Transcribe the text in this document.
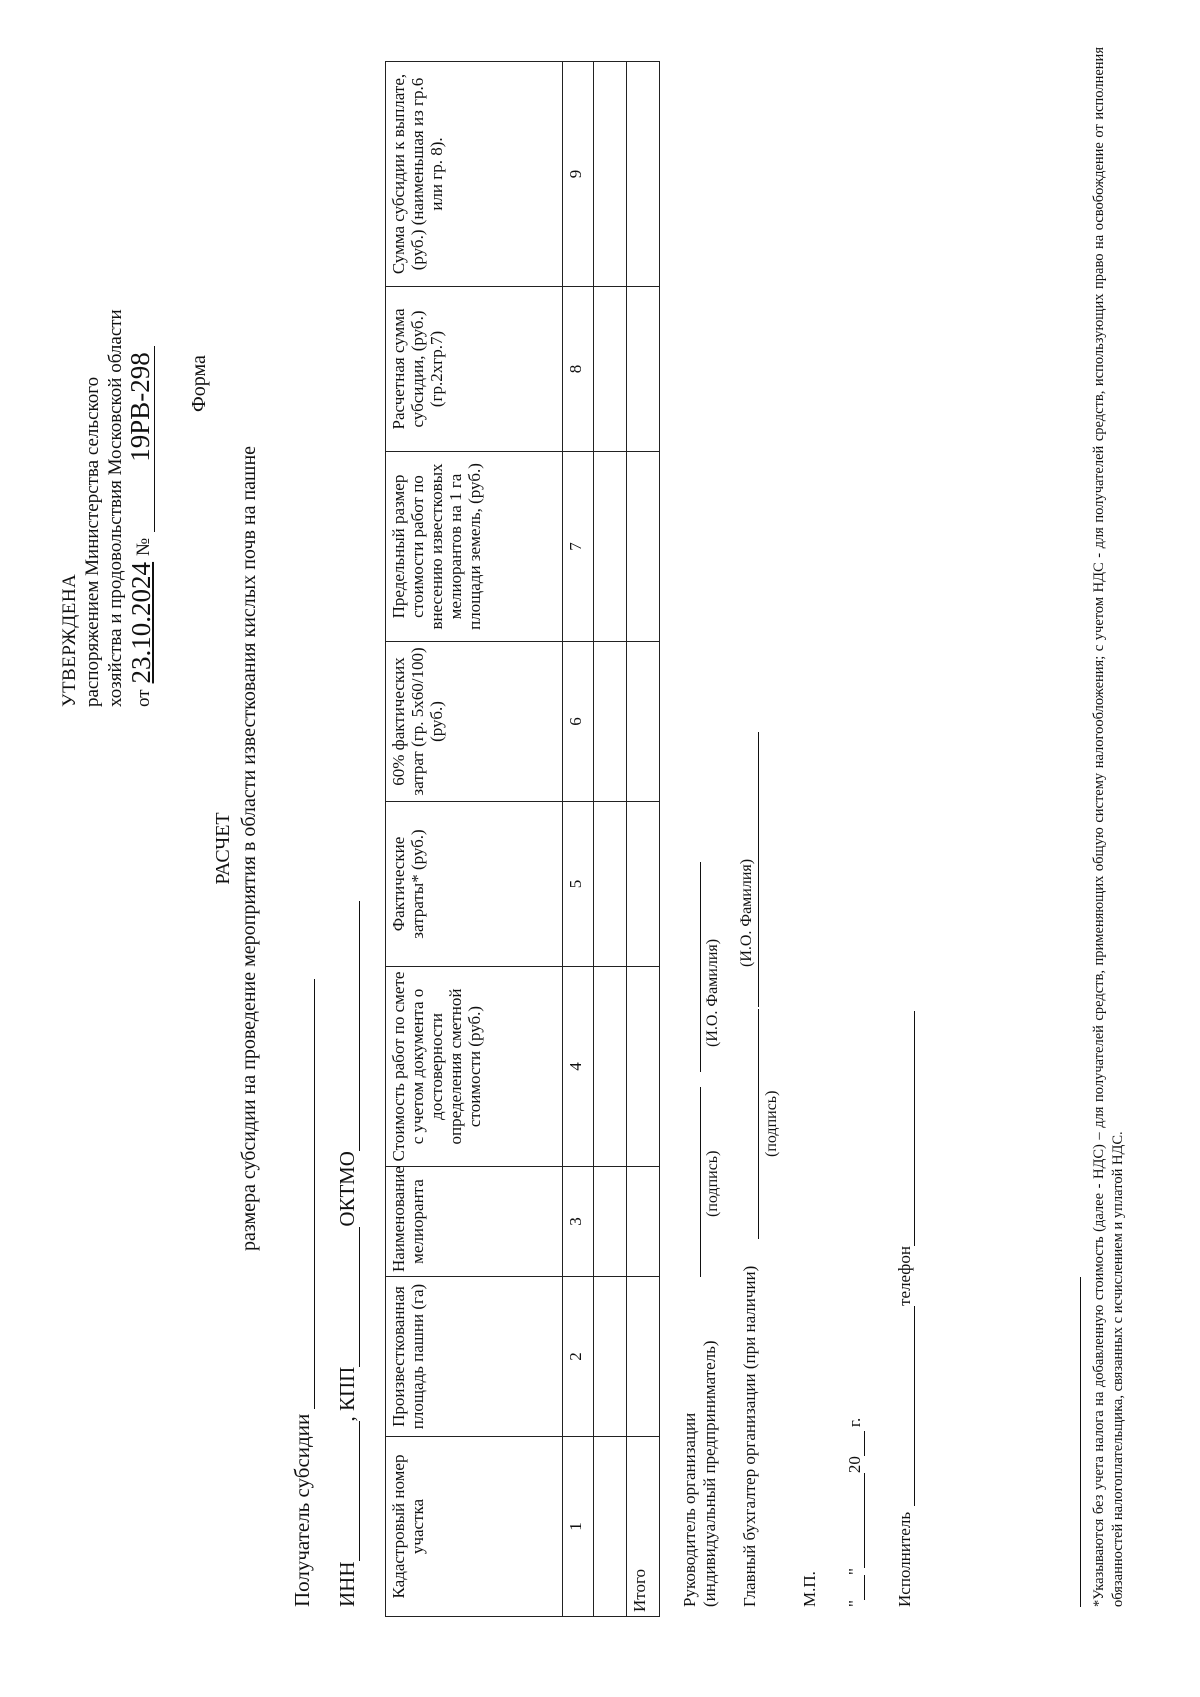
УТВЕРЖДЕНА распоряжением Министерства сельского хозяйства и продовольствия Московской области от
23.10.2024
№
19РВ-298 Форма
РАСЧЕТ размера субсидии на проведение мероприятия в области известкования кислых почв на пашне
Получатель субсидии ИНН
, КПП
ОКТМО
Кадастровый номер участка	Произвесткованная площадь пашни (га)	Наименование мелиоранта	Стоимость работ по смете с учетом документа о достоверности определения сметной стоимости (руб.)	Фактические затраты* (руб.)	60% фактических затрат (гр. 5x60/100) (руб.)	Предельный размер стоимости работ по внесению известковых мелиорантов на 1 га площади земель, (руб.)	Расчетная сумма субсидии, (руб.) (гр.2xгр.7)	Сумма субсидии к выплате, (руб.) (наименьшая из гр.6 или гр. 8).
1	2	3	4	5	6	7	8	9

Итого								Руководитель организации (индивидуальный предприниматель)
(подпись)
(И.О. Фамилия)
Главный бухгалтер организации (при наличии)
(подпись)
(И.О. Фамилия)
М.П. "
"
20
г.
Исполнитель
телефон	*Указываются без учета налога на добавленную стоимость (далее - НДС) – для получателей средств, применяющих общую систему налогообложения; с учетом НДС - для получателей средств, использующих право на освобождение от исполнения обязанностей налогоплательщика, связанных с исчислением и уплатой НДС.
